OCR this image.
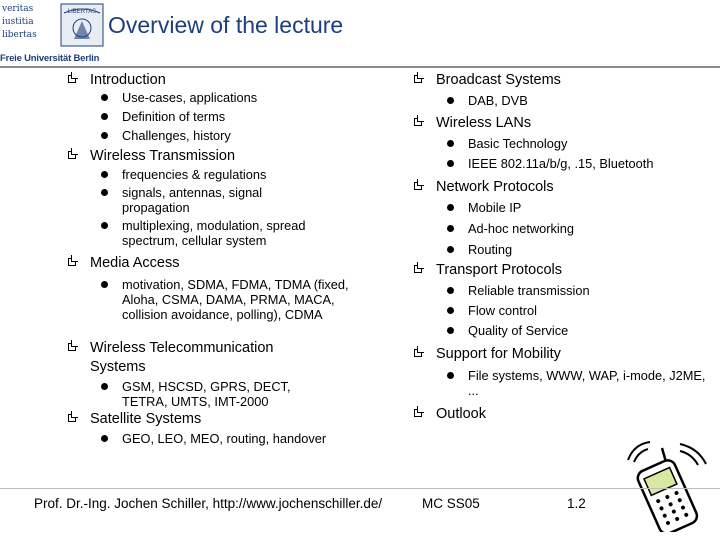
veritas
iustitia
libertas
LIBERTAS
Freie Universität Berlin
Overview of the lecture
Introduction
Use-cases, applications
Definition of terms
Challenges, history
Wireless Transmission
frequencies & regulations
signals, antennas, signal propagation
multiplexing, modulation, spread spectrum, cellular system
Media Access
motivation, SDMA, FDMA, TDMA (fixed, Aloha, CSMA, DAMA, PRMA, MACA, collision avoidance, polling), CDMA
Wireless Telecommunication Systems
GSM, HSCSD, GPRS, DECT, TETRA, UMTS, IMT-2000
Satellite Systems
GEO, LEO, MEO, routing, handover
Broadcast Systems
DAB, DVB
Wireless LANs
Basic Technology
IEEE 802.11a/b/g, .15, Bluetooth
Network Protocols
Mobile IP
Ad-hoc networking
Routing
Transport Protocols
Reliable transmission
Flow control
Quality of Service
Support for Mobility
File systems, WWW, WAP, i-mode, J2ME, ...
Outlook
Prof. Dr.-Ing. Jochen Schiller, http://www.jochenschiller.de/	MC SS05	1.2
